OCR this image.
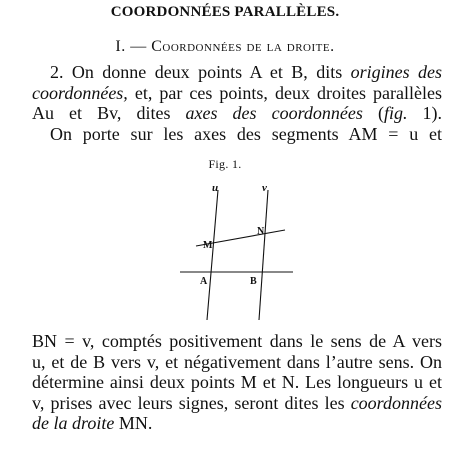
COORDONNÉES PARALLÈLES.
I. — Coordonnées de la droite.
2. On donne deux points A et B, dits origines des
coordonnées, et, par ces points, deux droites parallèles
Au et Bv, dites axes des coordonnées (fig. 1).
On porte sur les axes des segments AM = u et
Fig. 1.
u	v
M
N
A	B
BN = v, comptés positivement dans le sens de A vers
u, et de B vers v, et négativement dans l’autre sens. On
détermine ainsi deux points M et N. Les longueurs u et
v, prises avec leurs signes, seront dites les coordonnées
de la droite MN.
